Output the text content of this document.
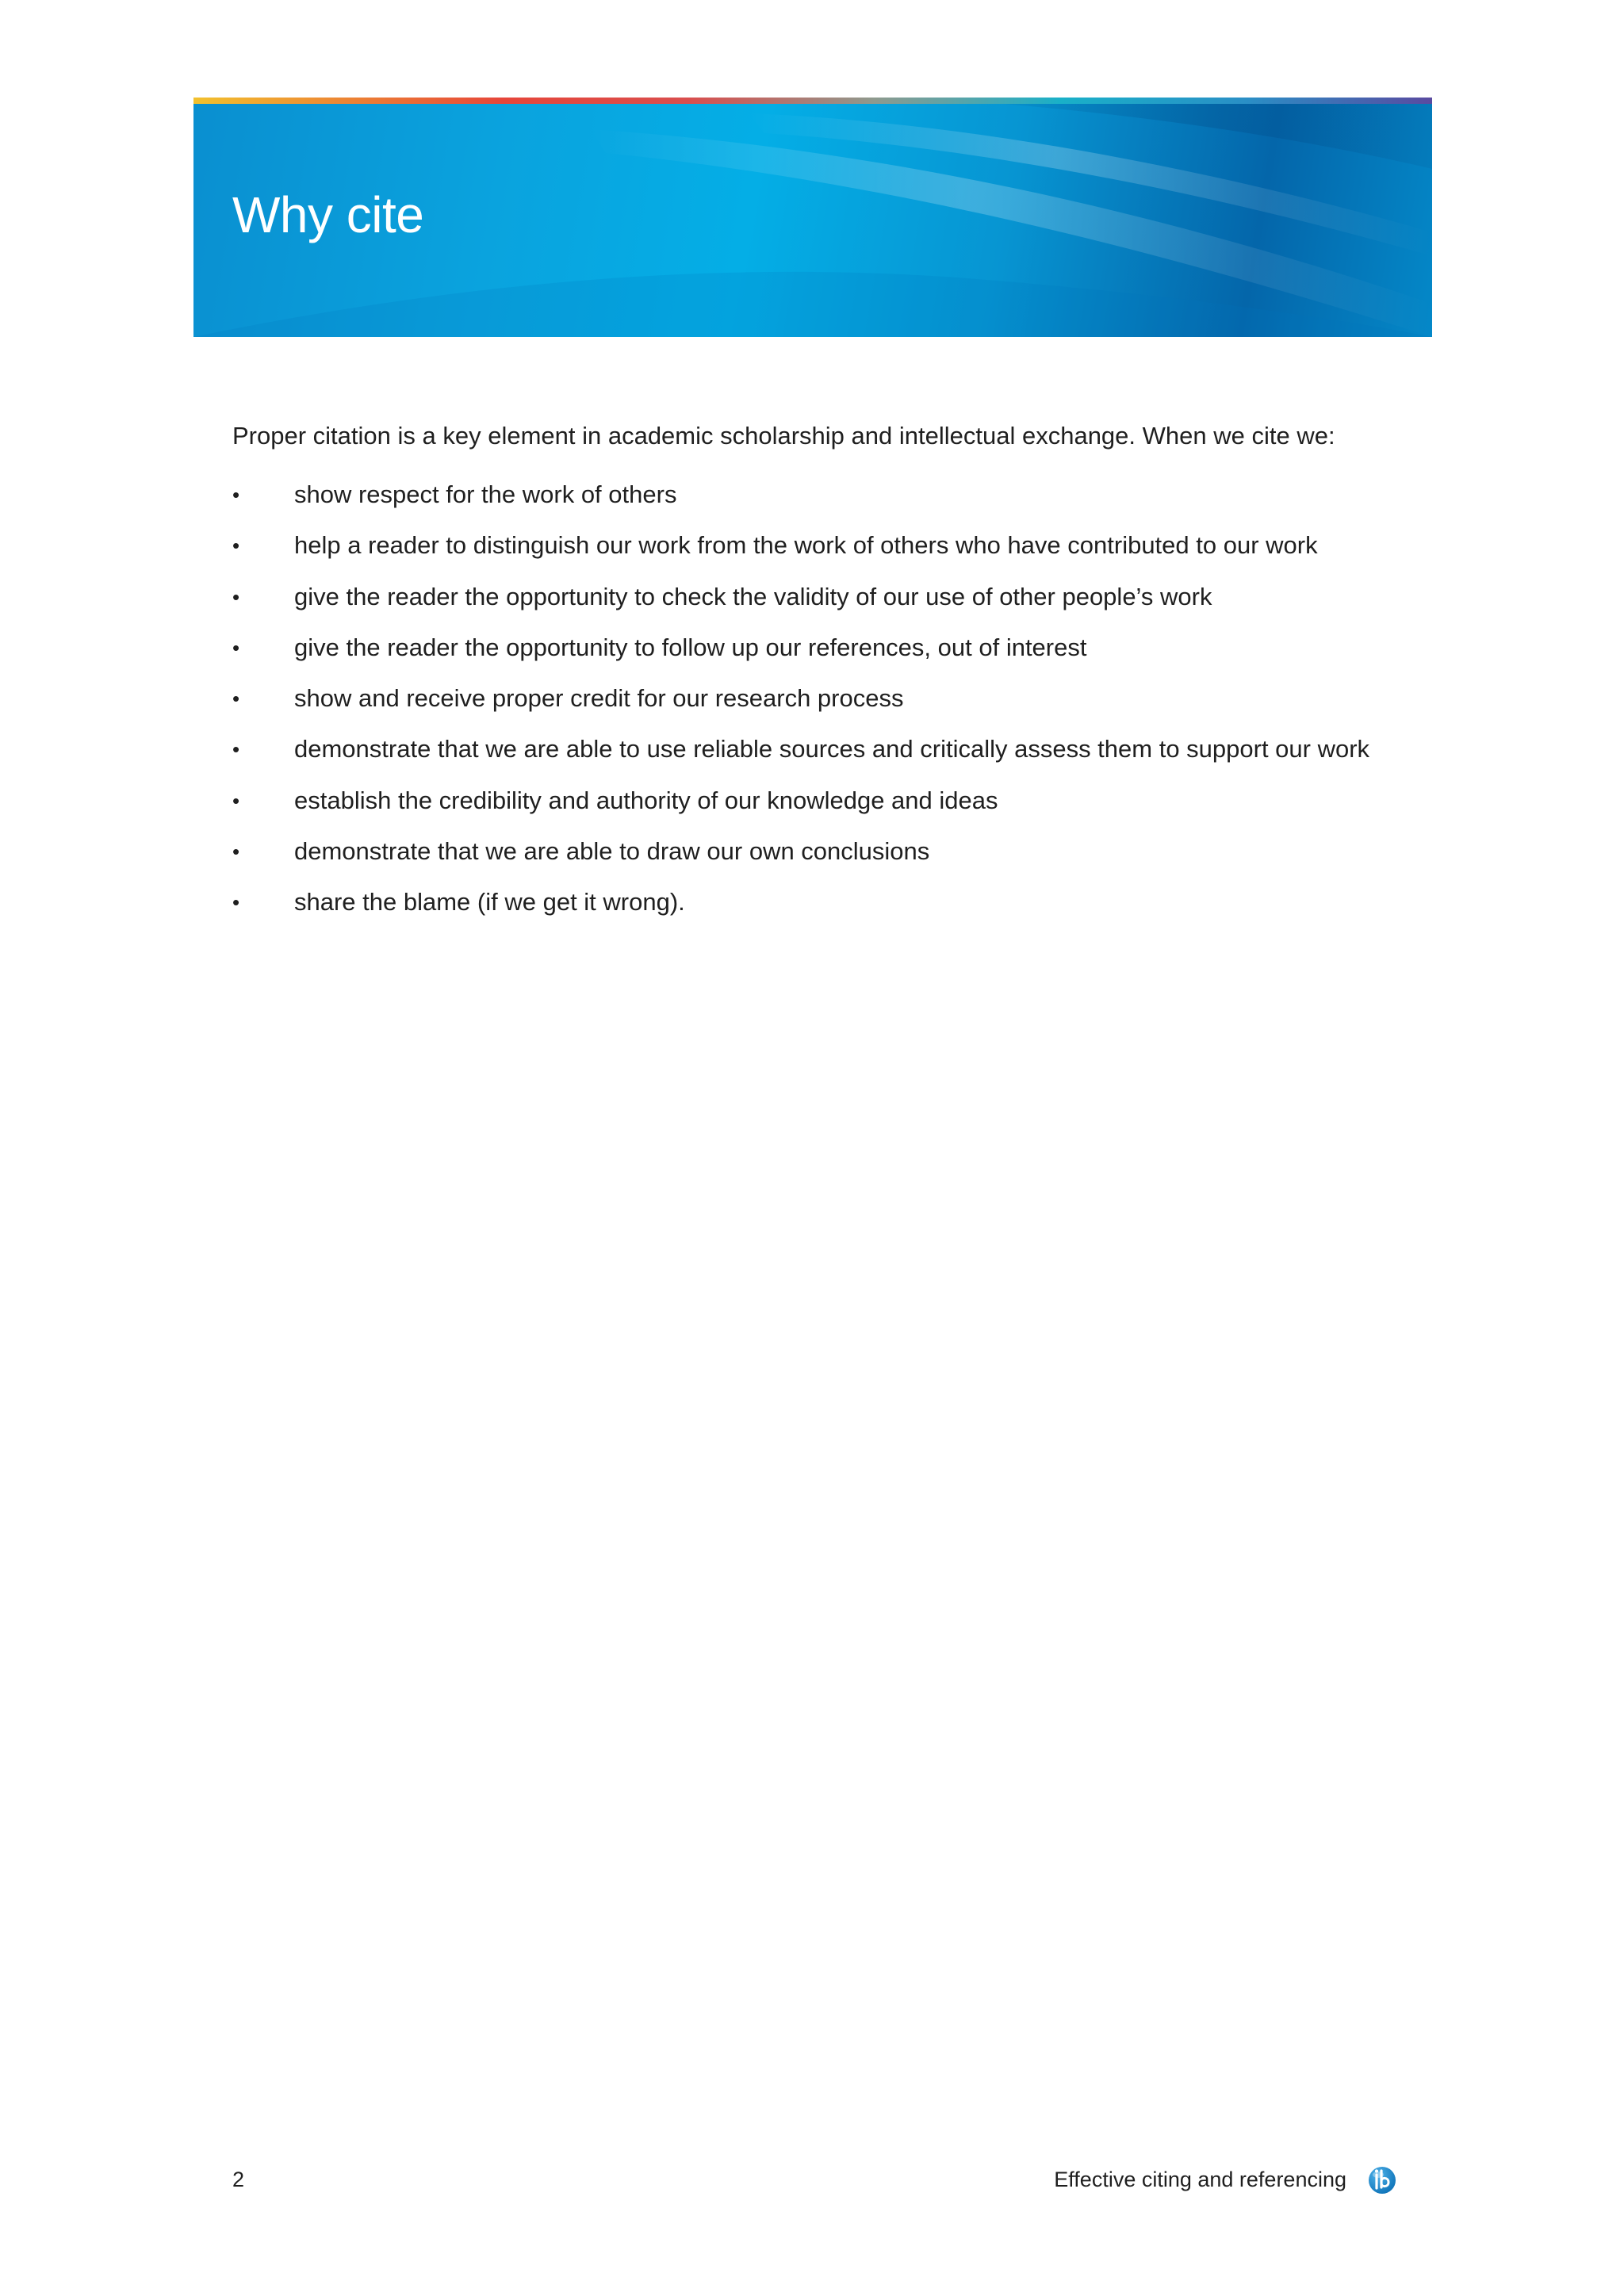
Why cite

Proper citation is a key element in academic scholarship and intellectual exchange. When we cite we:

• show respect for the work of others
• help a reader to distinguish our work from the work of others who have contributed to our work
• give the reader the opportunity to check the validity of our use of other people’s work
• give the reader the opportunity to follow up our references, out of interest
• show and receive proper credit for our research process
• demonstrate that we are able to use reliable sources and critically assess them to support our work
• establish the credibility and authority of our knowledge and ideas
• demonstrate that we are able to draw our own conclusions
• share the blame (if we get it wrong).
2	Effective citing and referencing
